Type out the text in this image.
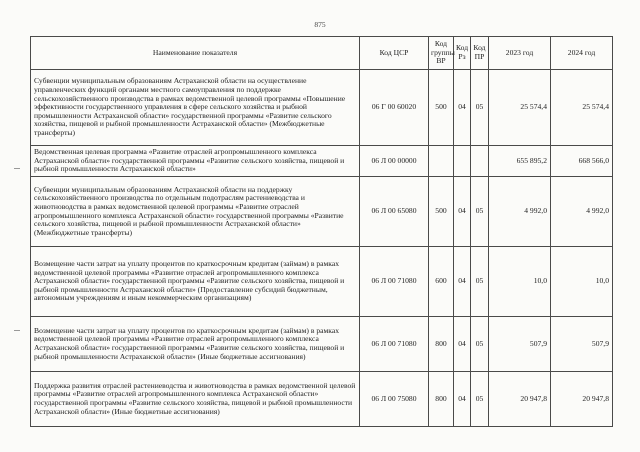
875
Наименование показателя	Код ЦСР	Код группы ВР	Код Рз	Код ПР	2023 год	2024 год
Субвенции муниципальным образованиям Астраханской области на осуществление управленческих функций органами местного самоуправления по поддержке сельскохозяйственного производства в рамках ведомственной целевой программы «Повышение эффективности государственного управления в сфере сельского хозяйства и рыбной промышленности Астраханской области» государственной программы «Развитие сельского хозяйства, пищевой и рыбной промышленности Астраханской области» (Межбюджетные трансферты)	06 Г 00 60020	500	04	05	25 574,4	25 574,4
Ведомственная целевая программа «Развитие отраслей агропромышленного комплекса Астраханской области» государственной программы «Развитие сельского хозяйства, пищевой и рыбной промышленности Астраханской области»	06 Л 00 00000				655 895,2	668 566,0
Субвенции муниципальным образованиям Астраханской области на поддержку сельскохозяйственного производства по отдельным подотраслям растениеводства и животноводства в рамках ведомственной целевой программы «Развитие отраслей агропромышленного комплекса Астраханской области» государственной программы «Развитие сельского хозяйства, пищевой и рыбной промышленности Астраханской области» (Межбюджетные трансферты)	06 Л 00 65080	500	04	05	4 992,0	4 992,0
Возмещение части затрат на уплату процентов по краткосрочным кредитам (займам) в рамках ведомственной целевой программы «Развитие отраслей агропромышленного комплекса Астраханской области» государственной программы «Развитие сельского хозяйства, пищевой и рыбной промышленности Астраханской области» (Предоставление субсидий бюджетным, автономным учреждениям и иным некоммерческим организациям)	06 Л 00 71080	600	04	05	10,0	10,0
Возмещение части затрат на уплату процентов по краткосрочным кредитам (займам) в рамках ведомственной целевой программы «Развитие отраслей агропромышленного комплекса Астраханской области» государственной программы «Развитие сельского хозяйства, пищевой и рыбной промышленности Астраханской области» (Иные бюджетные ассигнования)	06 Л 00 71080	800	04	05	507,9	507,9
Поддержка развития отраслей растениеводства и животноводства в рамках ведомственной целевой программы «Развитие отраслей агропромышленного комплекса Астраханской области» государственной программы «Развитие сельского хозяйства, пищевой и рыбной промышленности Астраханской области» (Иные бюджетные ассигнования)	06 Л 00 75080	800	04	05	20 947,8	20 947,8
